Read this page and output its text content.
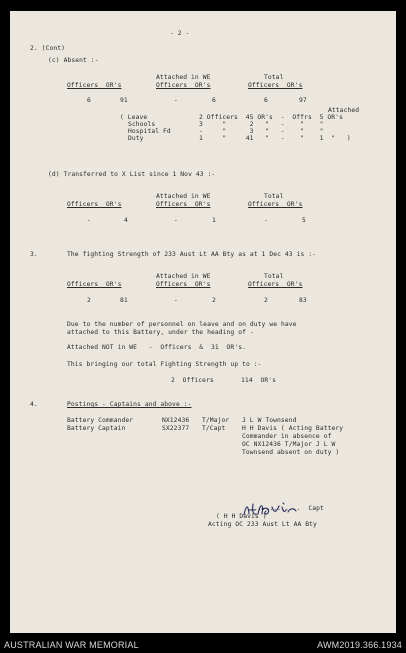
- 2 -
2. (Cont)
(c) Absent :-
Attached in WE	Total
Officers  OR's	Officers  OR's	Officers  OR's
6	91	-	6	6	97
Attached
( Leave	2 Officers  45 OR's  -  Offrs  5 OR's
Schools	3     "      2   "   -    "    "
Hospital Fd	-     "      3   "   -    "    "
Duty	1     "     41   "   -    "    1  "   )
(d) Transferred to X List since 1 Nov 43 :-
Attached in WE	Total
Officers  OR's	Officers  OR's	Officers  OR's
-	4	-	1	-	5
3.	The fighting Strength of 233 Aust Lt AA Bty as at 1 Dec 43 is :-
Attached in WE	Total
Officers  OR's	Officers  OR's	Officers  OR's
2	81	-	2	2	83
Due to the number of personnel on leave and on duty we have
attached to this Battery, under the heading of -
Attached NOT in WE   -  Officers  &  31  OR's.
This bringing our total Fighting Strength up to :-
2  Officers       114  OR's
4.	Postings - Captains and above :-
Battery Commander	NX12436 T/Major J L W Townsend
Battery Captain	SX22377 T/Capt	H H Davis ( Acting Battery
Commander in absence of
OC NX12436 T/Major J L W
Townsend absent on duty )
.............  Capt
( H H Davis )
Acting OC 233 Aust Lt AA Bty
AUSTRALIAN WAR MEMORIAL	AWM2019.366.1934
